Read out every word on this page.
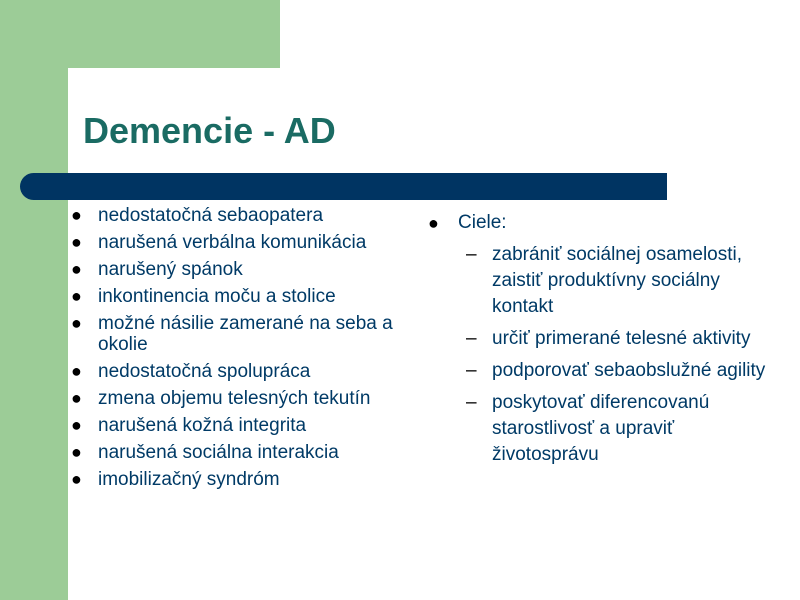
Demencie - AD
● nedostatočná sebaopatera
● narušená verbálna komunikácia
● narušený spánok
● inkontinencia moču a stolice
● možné násilie zamerané na seba a okolie
● nedostatočná spolupráca
● zmena objemu telesných tekutín
● narušená kožná integrita
● narušená sociálna interakcia
● imobilizačný syndróm

● Ciele:

– zabrániť sociálnej osamelosti, zaistiť produktívny sociálny kontakt
– určiť primerané telesné aktivity
– podporovať sebaobslužné agility
– poskytovať diferencovanú starostlivosť a upraviť životosprávu
